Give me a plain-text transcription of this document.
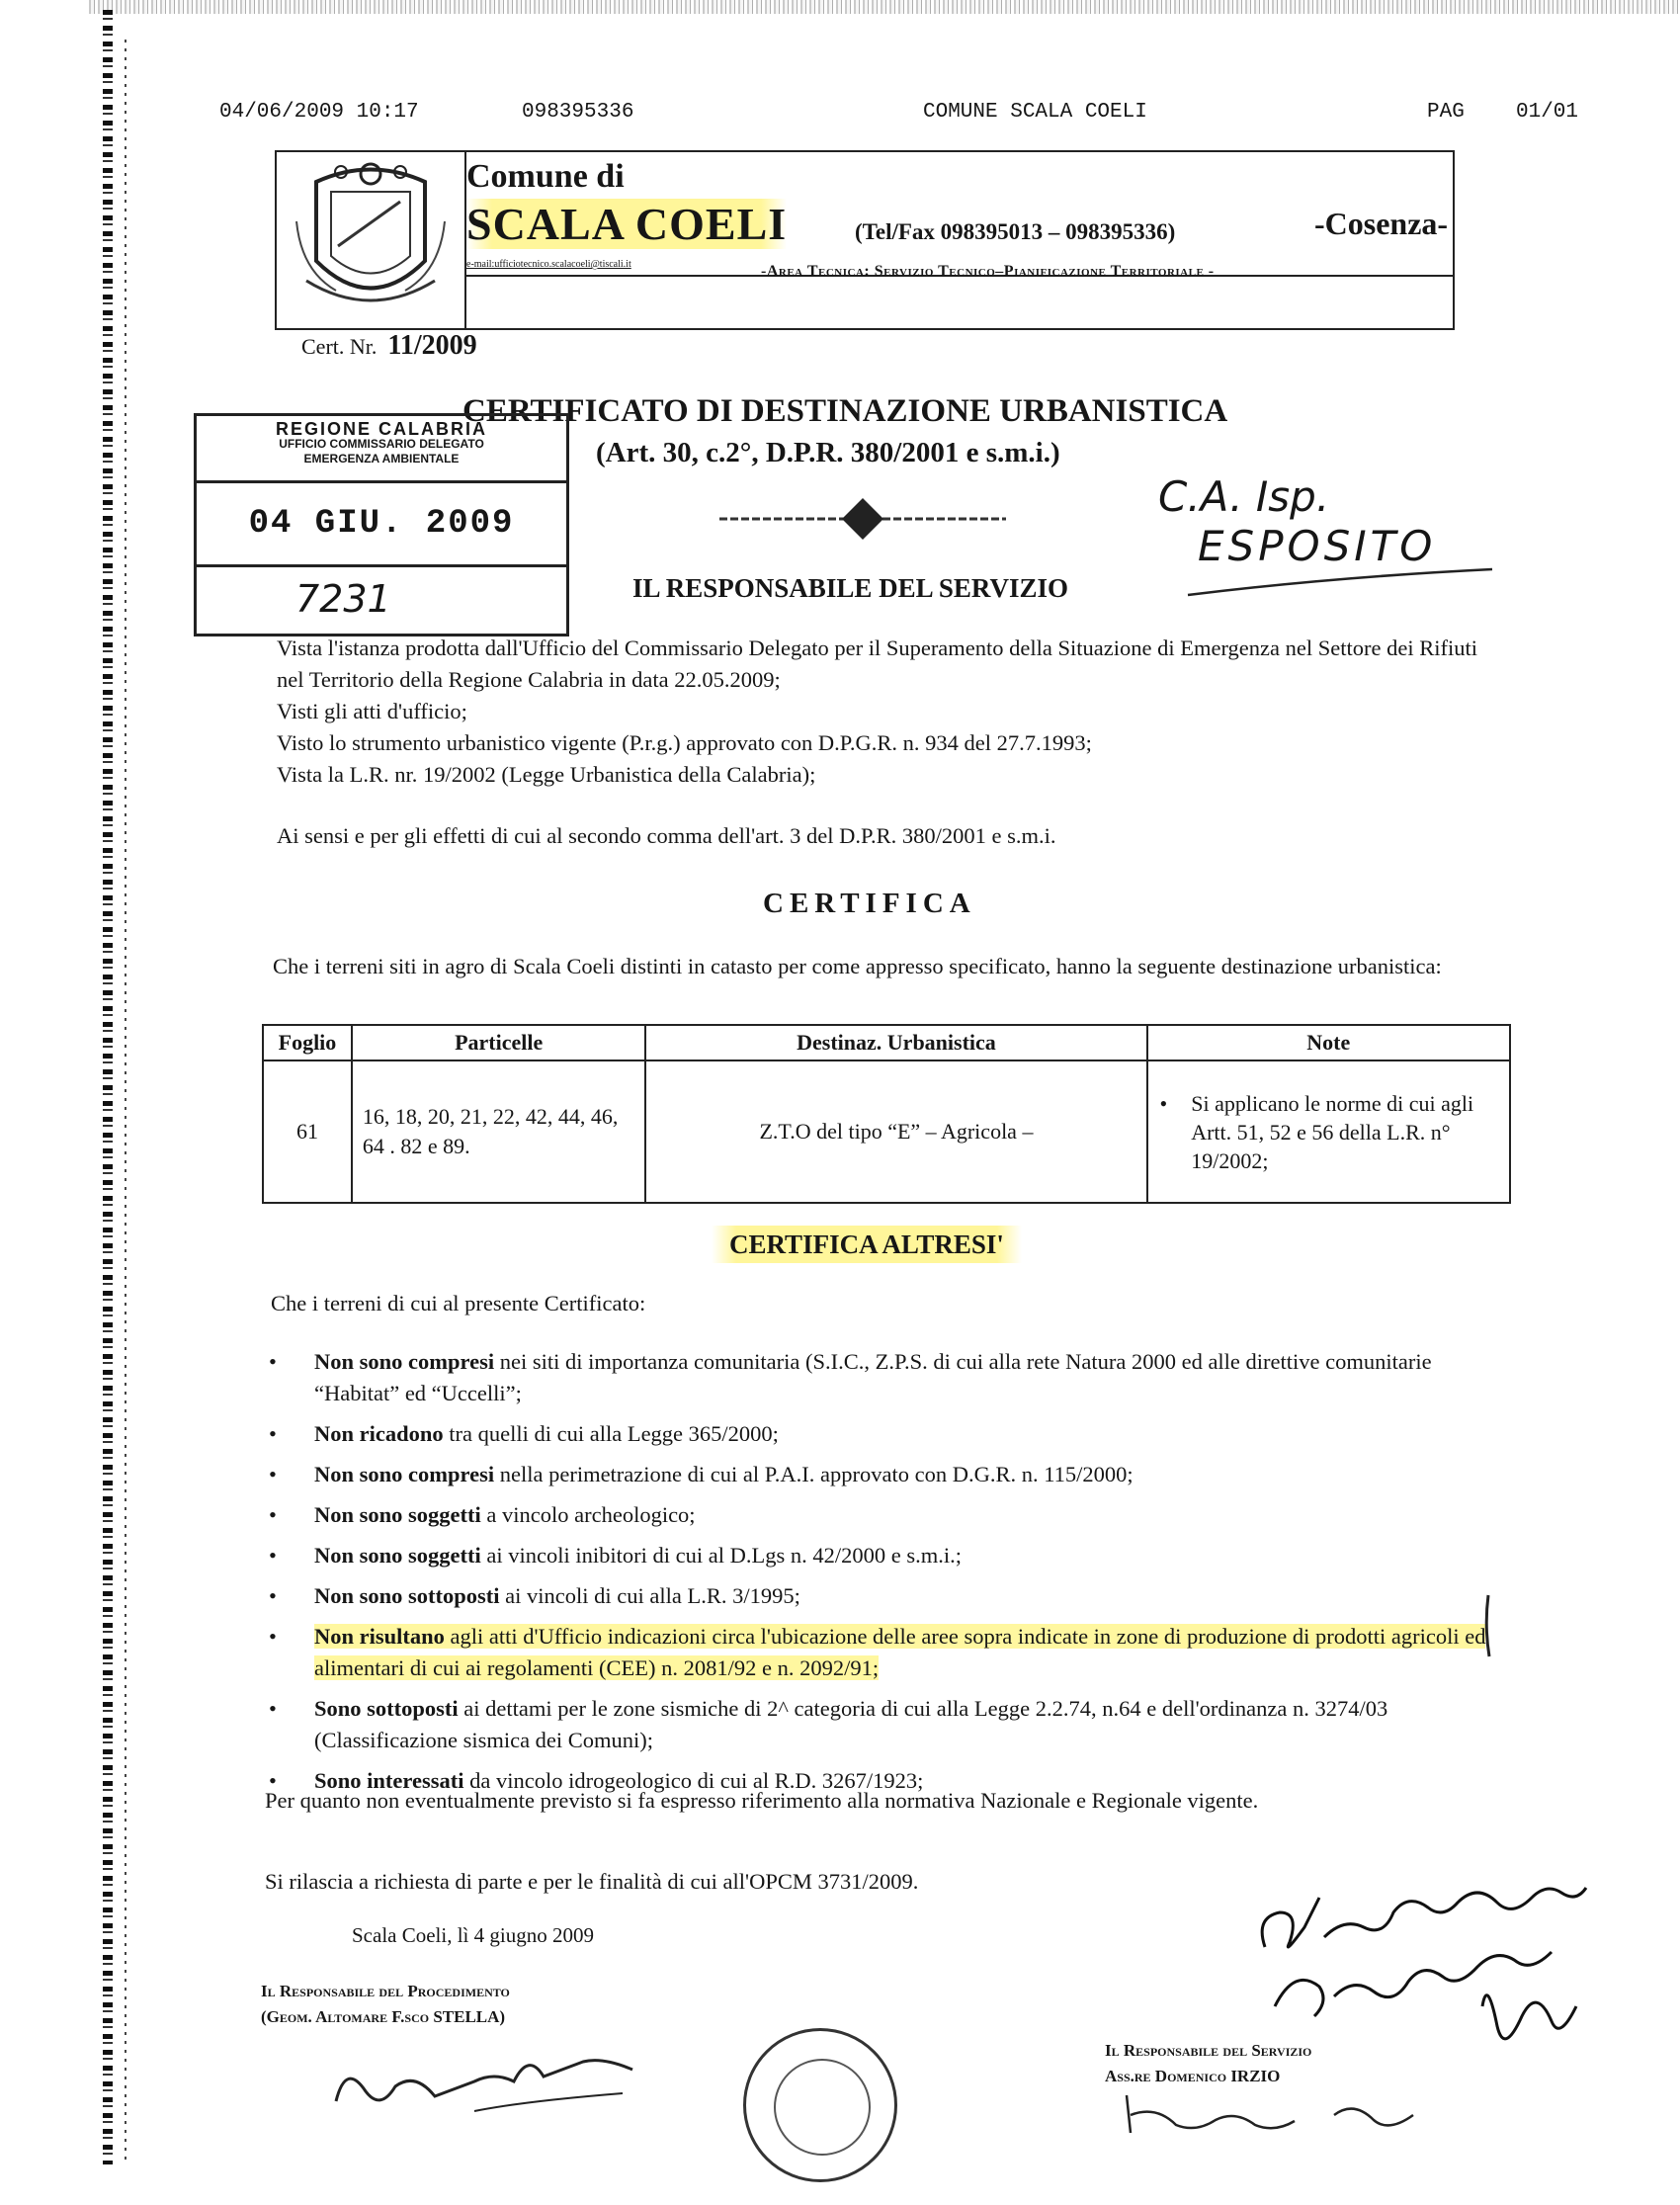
04/06/2009 10:17	098395336	COMUNE SCALA COELI	PAG 01/01
Comune di
SCALA COELI	(Tel/Fax 098395013 – 098395336)	-Cosenza-
e-mail:ufficiotecnico.scalacoeli@tiscali.it	-Area Tecnica: Servizio Tecnico–Pianificazione Territoriale -
Cert. Nr. 11/2009
CERTIFICATO DI DESTINAZIONE URBANISTICA
(Art. 30, c.2°, D.P.R. 380/2001 e s.m.i.)
REGIONE CALABRIA
UFFICIO COMMISSARIO DELEGATO
EMERGENZA AMBIENTALE
04 GIU. 2009
7231
C.A. Isp.
ESPOSITO
IL RESPONSABILE DEL SERVIZIO
Vista l'istanza prodotta dall'Ufficio del Commissario Delegato per il Superamento della Situazione di Emergenza nel Settore dei Rifiuti nel Territorio della Regione Calabria in data 22.05.2009;
Visti gli atti d'ufficio;
Visto lo strumento urbanistico vigente (P.r.g.) approvato con D.P.G.R. n. 934 del 27.7.1993;
Vista la L.R. nr. 19/2002 (Legge Urbanistica della Calabria);
Ai sensi e per gli effetti di cui al secondo comma dell'art. 3 del D.P.R. 380/2001 e s.m.i.
CERTIFICA
Che i terreni siti in agro di Scala Coeli distinti in catasto per come appresso specificato, hanno la seguente destinazione urbanistica:
Foglio	Particelle	Destinaz. Urbanistica	Note
61	16, 18, 20, 21, 22, 42, 44, 46, 64 . 82 e 89.	Z.T.O del tipo “E” – Agricola –	• Si applicano le norme di cui agli Artt. 51, 52 e 56 della L.R. n° 19/2002;
CERTIFICA ALTRESI'
Che i terreni di cui al presente Certificato:
• Non sono compresi nei siti di importanza comunitaria (S.I.C., Z.P.S. di cui alla rete Natura 2000 ed alle direttive comunitarie “Habitat” ed “Uccelli”;
• Non ricadono tra quelli di cui alla Legge 365/2000;
• Non sono compresi nella perimetrazione di cui al P.A.I. approvato con D.G.R. n. 115/2000;
• Non sono soggetti a vincolo archeologico;
• Non sono soggetti ai vincoli inibitori di cui al D.Lgs n. 42/2000 e s.m.i.;
• Non sono sottoposti ai vincoli di cui alla L.R. 3/1995;
• Non risultano agli atti d'Ufficio indicazioni circa l'ubicazione delle aree sopra indicate in zone di produzione di prodotti agricoli ed alimentari di cui ai regolamenti (CEE) n. 2081/92 e n. 2092/91;
• Sono sottoposti ai dettami per le zone sismiche di 2^ categoria di cui alla Legge 2.2.74, n.64 e dell'ordinanza n. 3274/03 (Classificazione sismica dei Comuni);
• Sono interessati da vincolo idrogeologico di cui al R.D. 3267/1923;
Per quanto non eventualmente previsto si fa espresso riferimento alla normativa Nazionale e Regionale vigente.
Si rilascia a richiesta di parte e per le finalità di cui all'OPCM 3731/2009.
Scala Coeli, lì 4 giugno 2009
Il Responsabile del Procedimento
(Geom. Altomare F.sco STELLA)
Il Responsabile del Servizio
Ass.re Domenico IRZIO
